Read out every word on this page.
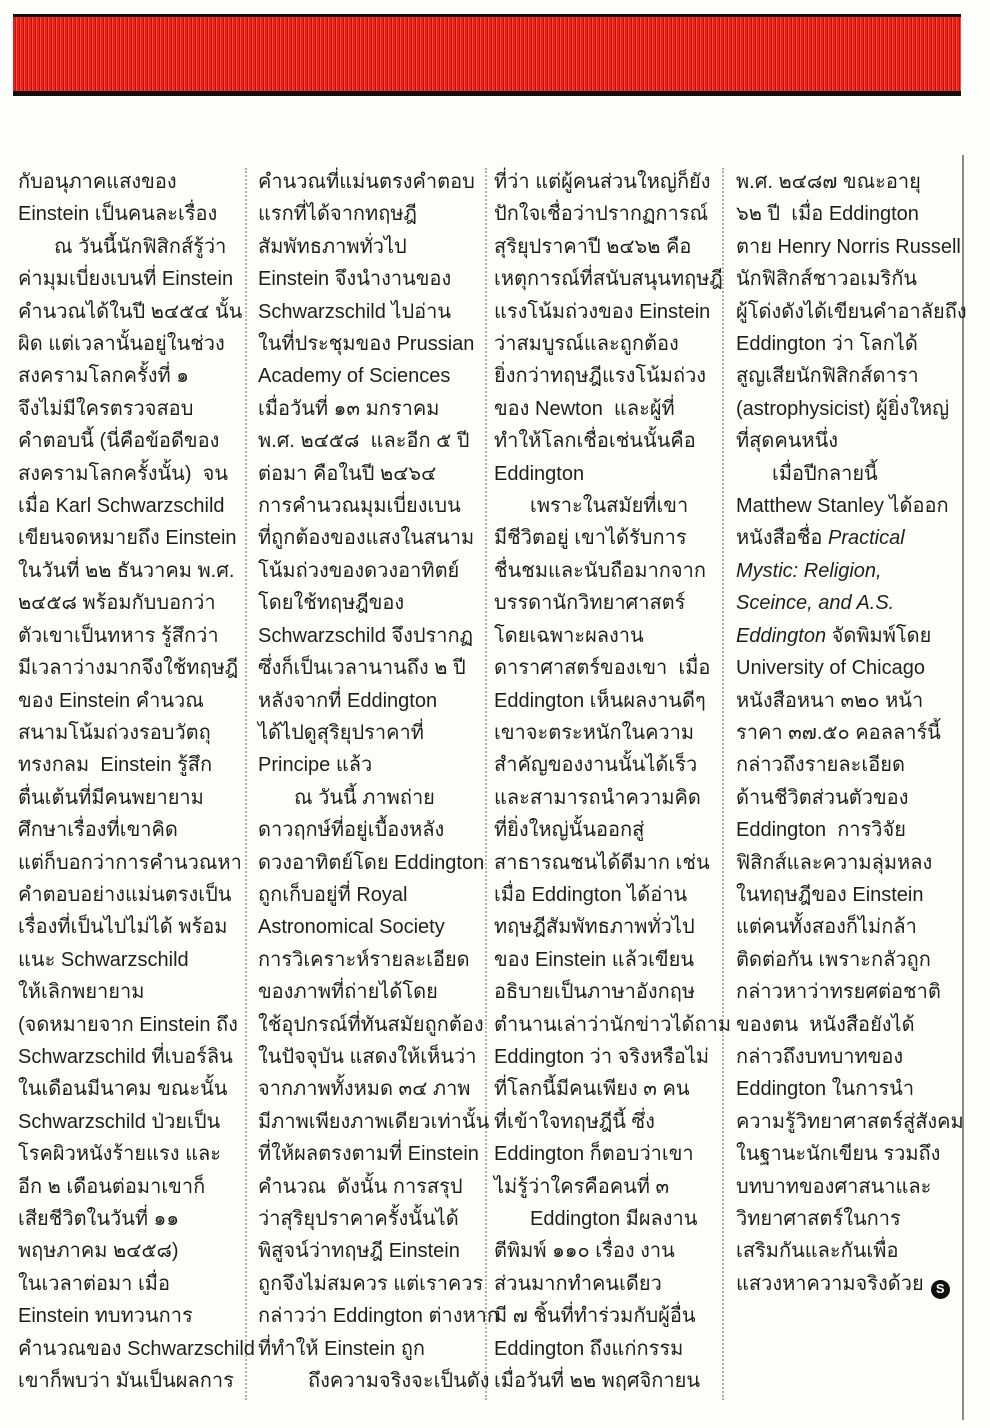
กับอนุภาคแสงของ
Einstein เป็นคนละเรื่อง
ณ วันนี้นักฟิสิกส์รู้ว่า
ค่ามุมเบี่ยงเบนที่ Einstein
คำนวณได้ในปี ๒๔๕๔ นั้น
ผิด แต่เวลานั้นอยู่ในช่วง
สงครามโลกครั้งที่ ๑
จึงไม่มีใครตรวจสอบ
คำตอบนี้ (นี่คือข้อดีของ
สงครามโลกครั้งนั้น)  จน
เมื่อ Karl Schwarzschild
เขียนจดหมายถึง Einstein
ในวันที่ ๒๒ ธันวาคม พ.ศ.
๒๔๕๘ พร้อมกับบอกว่า
ตัวเขาเป็นทหาร รู้สึกว่า
มีเวลาว่างมากจึงใช้ทฤษฎี
ของ Einstein คำนวณ
สนามโน้มถ่วงรอบวัตถุ
ทรงกลม  Einstein รู้สึก
ตื่นเต้นที่มีคนพยายาม
ศึกษาเรื่องที่เขาคิด
แต่ก็บอกว่าการคำนวณหา
คำตอบอย่างแม่นตรงเป็น
เรื่องที่เป็นไปไม่ได้ พร้อม
แนะ Schwarzschild
ให้เลิกพยายาม
(จดหมายจาก Einstein ถึง
Schwarzschild ที่เบอร์ลิน
ในเดือนมีนาคม ขณะนั้น
Schwarzschild ป่วยเป็น
โรคผิวหนังร้ายแรง และ
อีก ๒ เดือนต่อมาเขาก็
เสียชีวิตในวันที่ ๑๑
พฤษภาคม ๒๔๕๘)
ในเวลาต่อมา เมื่อ
Einstein ทบทวนการ
คำนวณของ Schwarzschild
เขาก็พบว่า มันเป็นผลการ
คำนวณที่แม่นตรงคำตอบ
แรกที่ได้จากทฤษฎี
สัมพัทธภาพทั่วไป
Einstein จึงนำงานของ
Schwarzschild ไปอ่าน
ในที่ประชุมของ Prussian
Academy of Sciences
เมื่อวันที่ ๑๓ มกราคม
พ.ศ. ๒๔๕๘  และอีก ๕ ปี
ต่อมา คือในปี ๒๔๖๔
การคำนวณมุมเบี่ยงเบน
ที่ถูกต้องของแสงในสนาม
โน้มถ่วงของดวงอาทิตย์
โดยใช้ทฤษฎีของ
Schwarzschild จึงปรากฏ
ซึ่งก็เป็นเวลานานถึง ๒ ปี
หลังจากที่ Eddington
ได้ไปดูสุริยุปราคาที่
Principe แล้ว
ณ วันนี้ ภาพถ่าย
ดาวฤกษ์ที่อยู่เบื้องหลัง
ดวงอาทิตย์โดย Eddington
ถูกเก็บอยู่ที่ Royal
Astronomical Society
การวิเคราะห์รายละเอียด
ของภาพที่ถ่ายได้โดย
ใช้อุปกรณ์ที่ทันสมัยถูกต้อง
ในปัจจุบัน แสดงให้เห็นว่า
จากภาพทั้งหมด ๓๔ ภาพ
มีภาพเพียงภาพเดียวเท่านั้น
ที่ให้ผลตรงตามที่ Einstein
คำนวณ  ดังนั้น การสรุป
ว่าสุริยุปราคาครั้งนั้นได้
พิสูจน์ว่าทฤษฎี Einstein
ถูกจึงไม่สมควร แต่เราควร
กล่าวว่า Eddington ต่างหาก
ที่ทำให้ Einstein ถูก
ถึงความจริงจะเป็นดัง
ที่ว่า แต่ผู้คนส่วนใหญ่ก็ยัง
ปักใจเชื่อว่าปรากฏการณ์
สุริยุปราคาปี ๒๔๖๒ คือ
เหตุการณ์ที่สนับสนุนทฤษฎี
แรงโน้มถ่วงของ Einstein
ว่าสมบูรณ์และถูกต้อง
ยิ่งกว่าทฤษฎีแรงโน้มถ่วง
ของ Newton  และผู้ที่
ทำให้โลกเชื่อเช่นนั้นคือ
Eddington
เพราะในสมัยที่เขา
มีชีวิตอยู่ เขาได้รับการ
ชื่นชมและนับถือมากจาก
บรรดานักวิทยาศาสตร์
โดยเฉพาะผลงาน
ดาราศาสตร์ของเขา  เมื่อ
Eddington เห็นผลงานดีๆ
เขาจะตระหนักในความ
สำคัญของงานนั้นได้เร็ว
และสามารถนำความคิด
ที่ยิ่งใหญ่นั้นออกสู่
สาธารณชนได้ดีมาก เช่น
เมื่อ Eddington ได้อ่าน
ทฤษฎีสัมพัทธภาพทั่วไป
ของ Einstein แล้วเขียน
อธิบายเป็นภาษาอังกฤษ
ตำนานเล่าว่านักข่าวได้ถาม
Eddington ว่า จริงหรือไม่
ที่โลกนี้มีคนเพียง ๓ คน
ที่เข้าใจทฤษฎีนี้ ซึ่ง
Eddington ก็ตอบว่าเขา
ไม่รู้ว่าใครคือคนที่ ๓
Eddington มีผลงาน
ตีพิมพ์ ๑๑๐ เรื่อง งาน
ส่วนมากทำคนเดียว
มี ๗ ชิ้นที่ทำร่วมกับผู้อื่น
Eddington ถึงแก่กรรม
เมื่อวันที่ ๒๒ พฤศจิกายน
พ.ศ. ๒๔๘๗ ขณะอายุ
๖๒ ปี  เมื่อ Eddington
ตาย Henry Norris Russell
นักฟิสิกส์ชาวอเมริกัน
ผู้โด่งดังได้เขียนคำอาลัยถึง
Eddington ว่า โลกได้
สูญเสียนักฟิสิกส์ดารา
(astrophysicist) ผู้ยิ่งใหญ่
ที่สุดคนหนึ่ง
เมื่อปีกลายนี้
Matthew Stanley ได้ออก
หนังสือชื่อ Practical
Mystic: Religion,
Sceince, and A.S.
Eddington จัดพิมพ์โดย
University of Chicago
หนังสือหนา ๓๒๐ หน้า
ราคา ๓๗.๕๐ คอลลาร์นี้
กล่าวถึงรายละเอียด
ด้านชีวิตส่วนตัวของ
Eddington  การวิจัย
ฟิสิกส์และความลุ่มหลง
ในทฤษฎีของ Einstein
แต่คนทั้งสองก็ไม่กล้า
ติดต่อกัน เพราะกลัวถูก
กล่าวหาว่าทรยศต่อชาติ
ของตน  หนังสือยังได้
กล่าวถึงบทบาทของ
Eddington ในการนำ
ความรู้วิทยาศาสตร์สู่สังคม
ในฐานะนักเขียน รวมถึง
บทบาทของศาสนาและ
วิทยาศาสตร์ในการ
เสริมกันและกันเพื่อ
แสวงหาความจริงด้วย S
